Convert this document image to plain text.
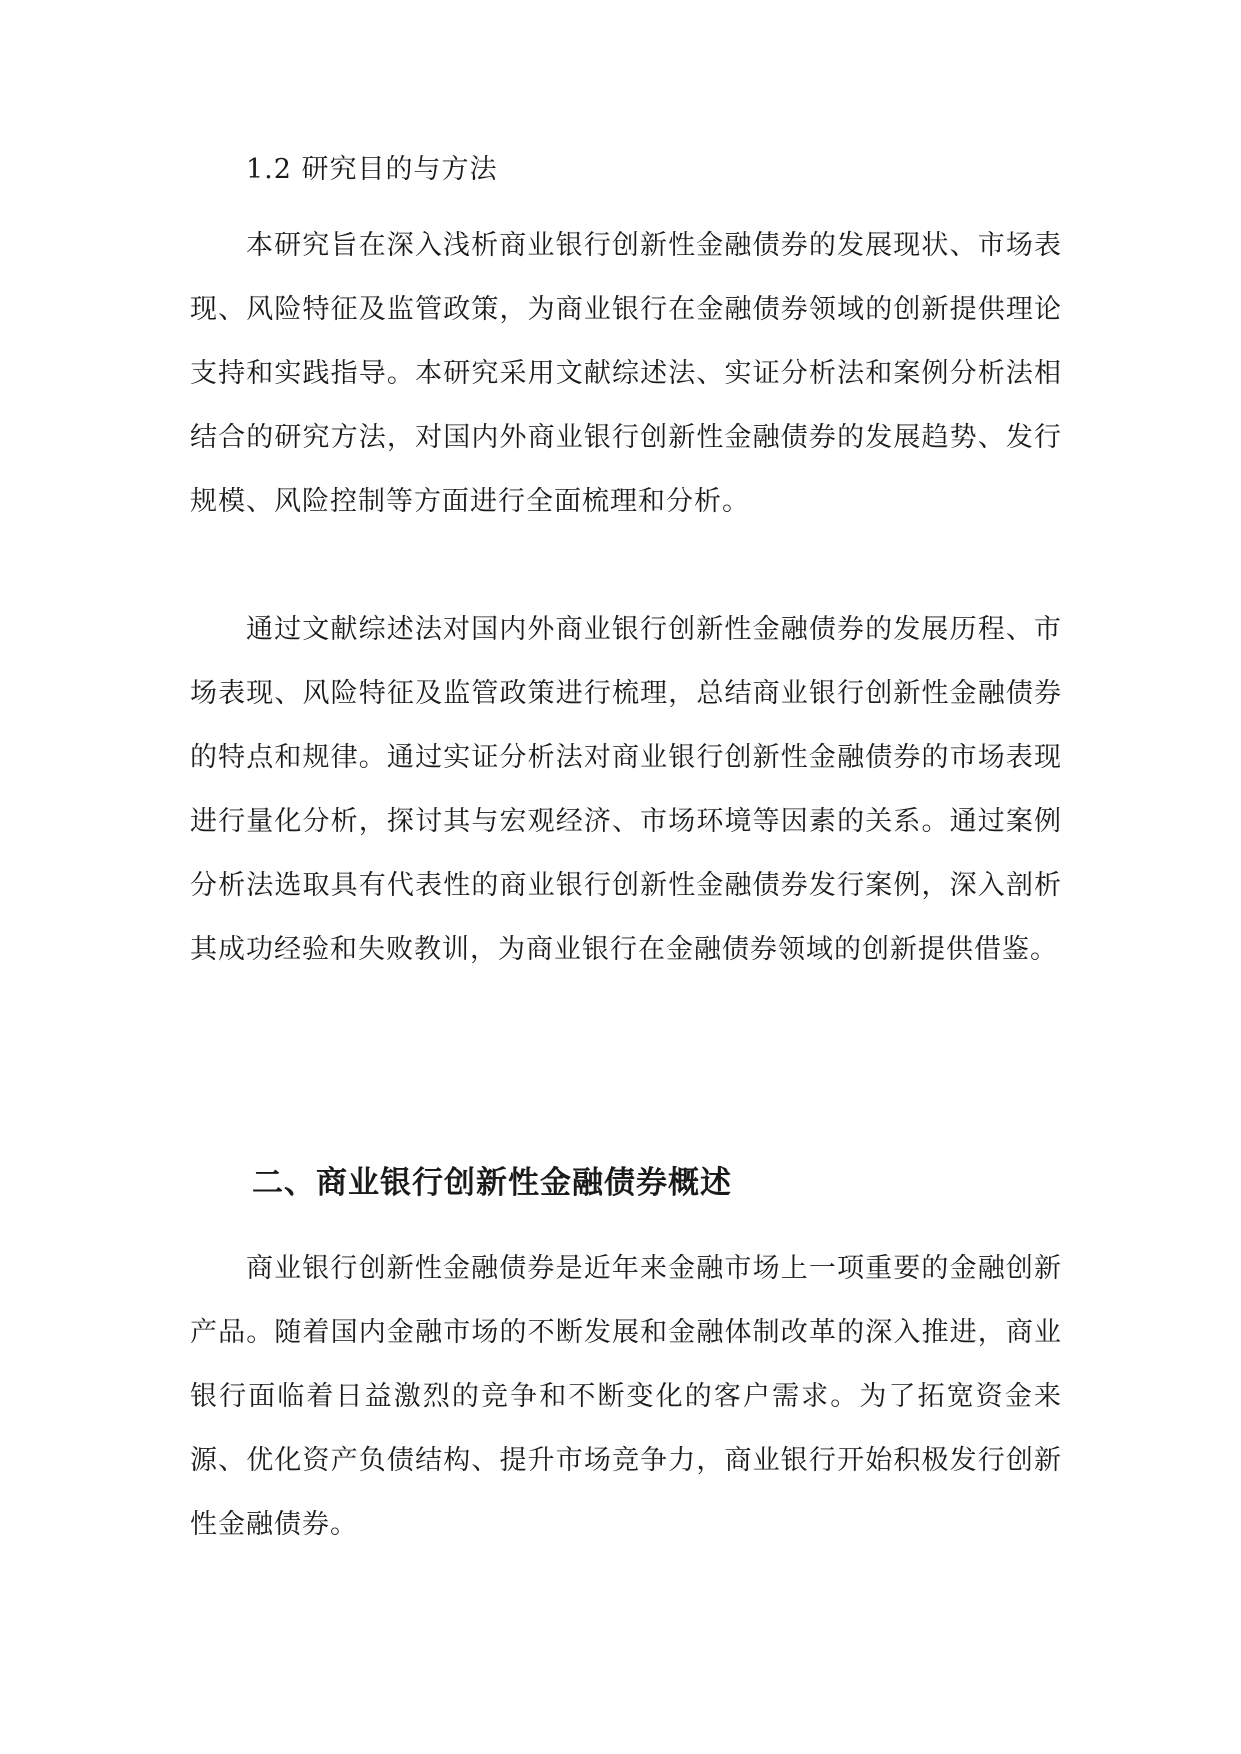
1.2 研究目的与方法

本研究旨在深入浅析商业银行创新性金融债券的发展现状、市场表现、风险特征及监管政策，为商业银行在金融债券领域的创新提供理论支持和实践指导。本研究采用文献综述法、实证分析法和案例分析法相结合的研究方法，对国内外商业银行创新性金融债券的发展趋势、发行规模、风险控制等方面进行全面梳理和分析。

通过文献综述法对国内外商业银行创新性金融债券的发展历程、市场表现、风险特征及监管政策进行梳理，总结商业银行创新性金融债券的特点和规律。通过实证分析法对商业银行创新性金融债券的市场表现进行量化分析，探讨其与宏观经济、市场环境等因素的关系。通过案例分析法选取具有代表性的商业银行创新性金融债券发行案例，深入剖析其成功经验和失败教训，为商业银行在金融债券领域的创新提供借鉴。

二、商业银行创新性金融债券概述

商业银行创新性金融债券是近年来金融市场上一项重要的金融创新产品。随着国内金融市场的不断发展和金融体制改革的深入推进，商业银行面临着日益激烈的竞争和不断变化的客户需求。为了拓宽资金来源、优化资产负债结构、提升市场竞争力，商业银行开始积极发行创新性金融债券。
